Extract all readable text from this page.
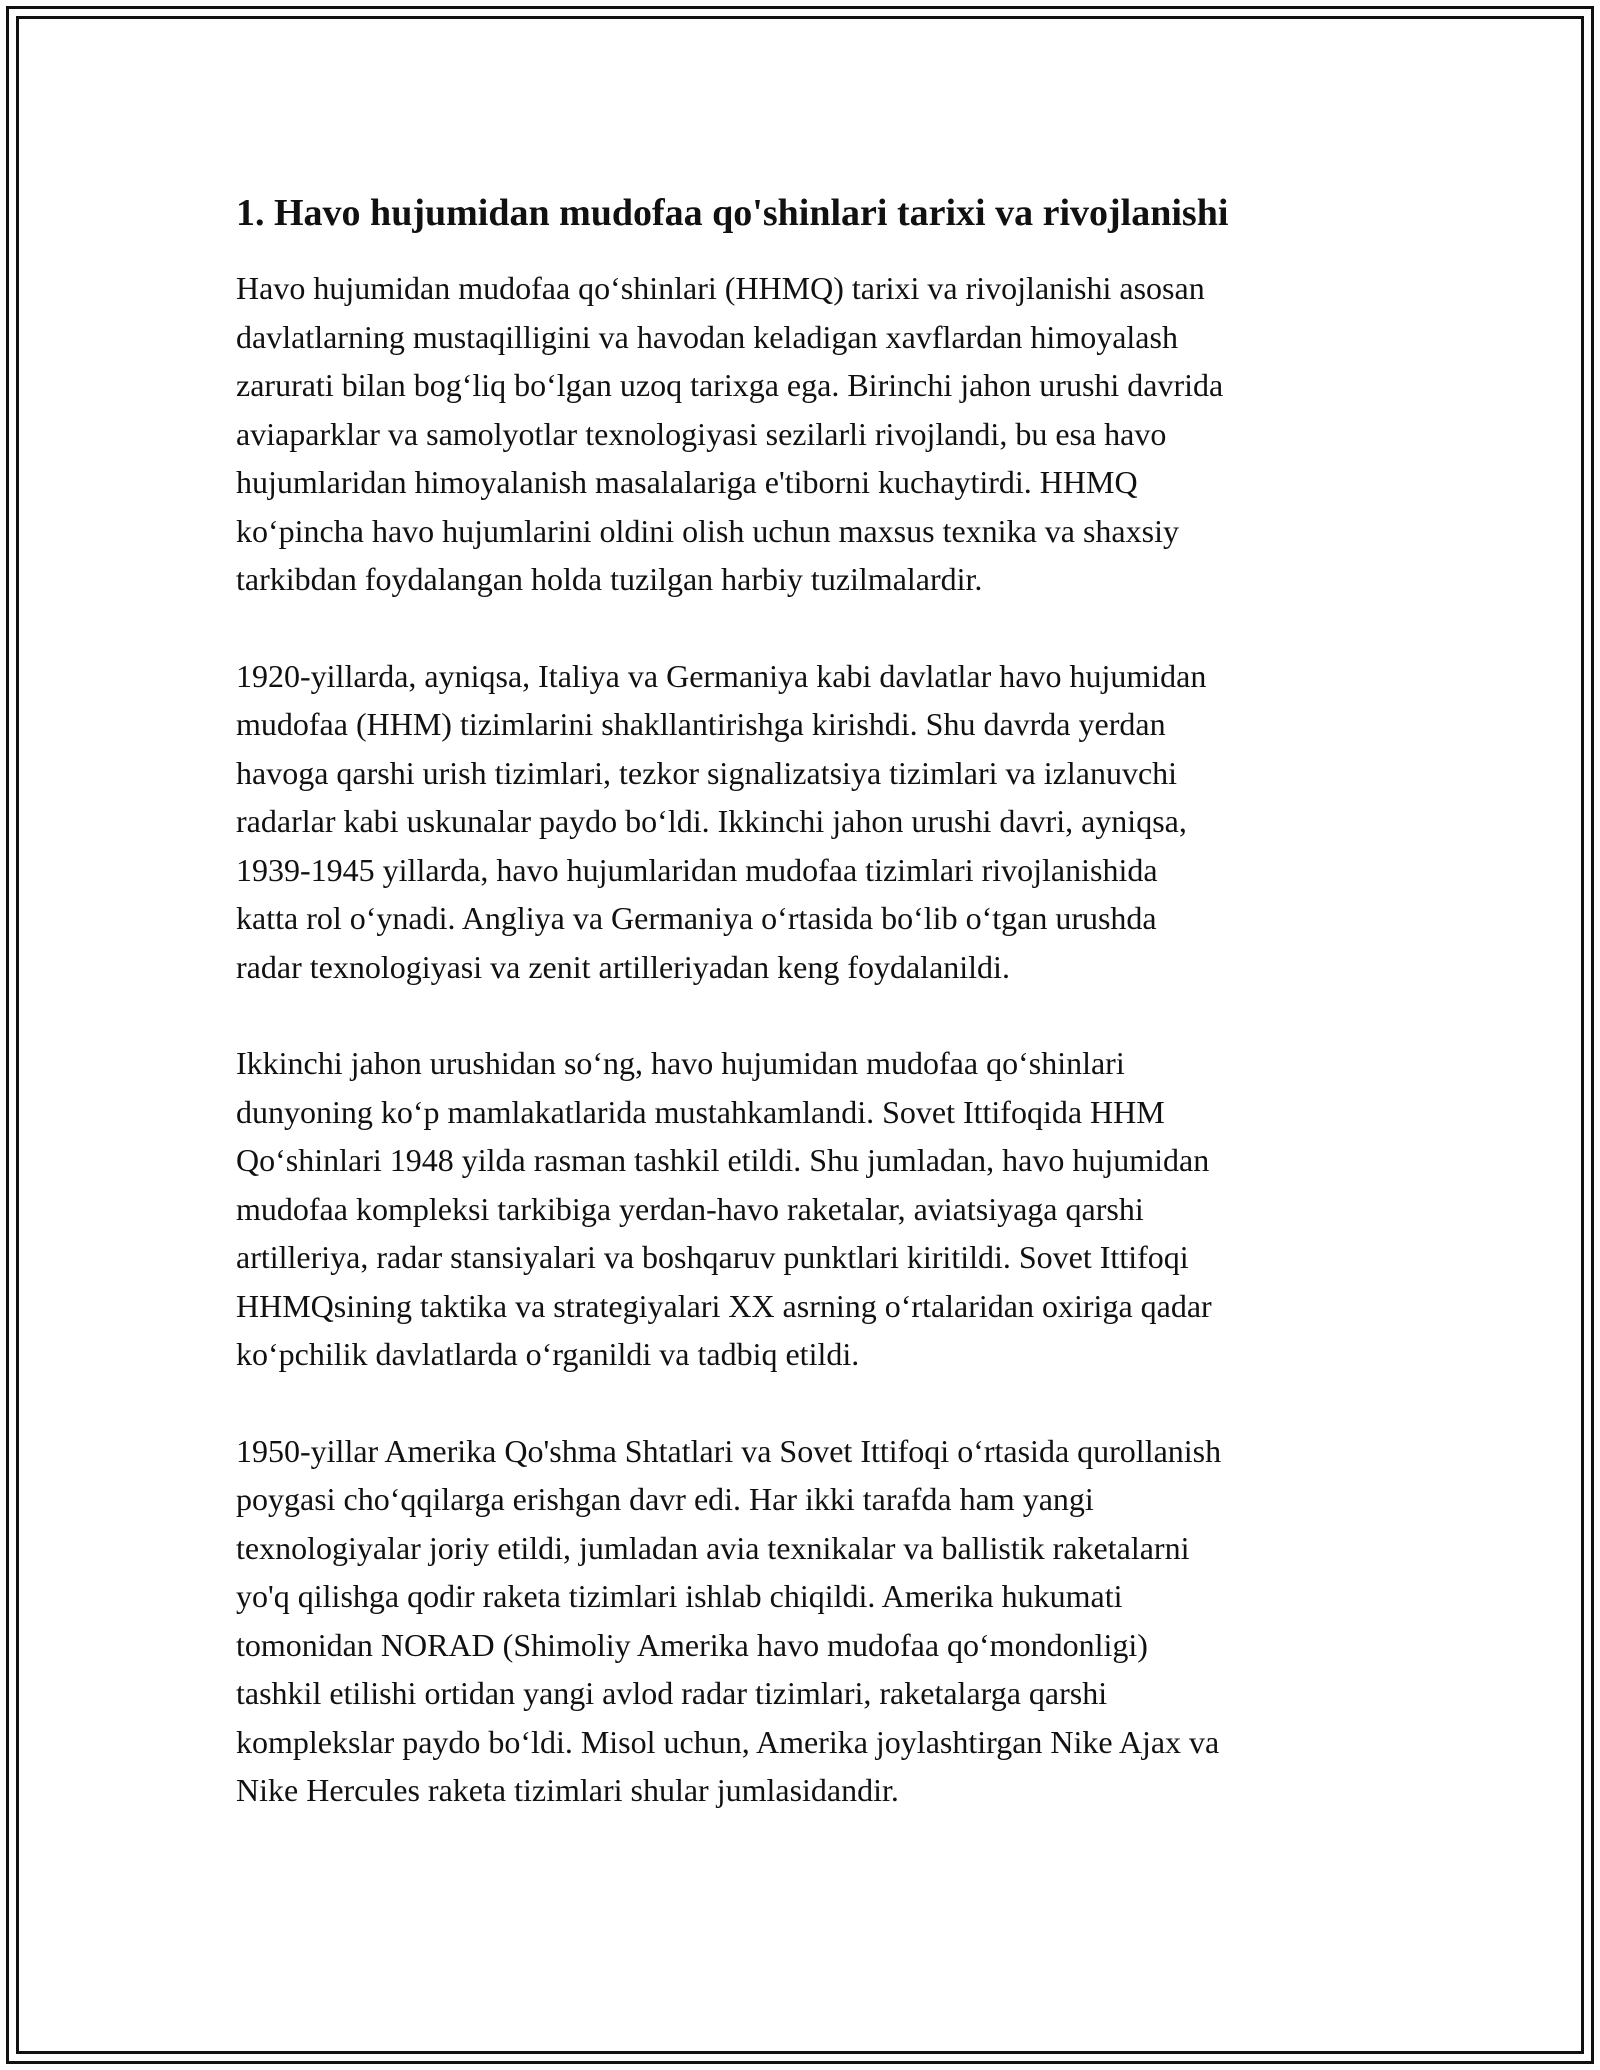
1. Havo hujumidan mudofaa qo'shinlari tarixi va rivojlanishi

Havo hujumidan mudofaa qo‘shinlari (HHMQ) tarixi va rivojlanishi asosan
davlatlarning mustaqilligini va havodan keladigan xavflardan himoyalash
zarurati bilan bog‘liq bo‘lgan uzoq tarixga ega. Birinchi jahon urushi davrida
aviaparklar va samolyotlar texnologiyasi sezilarli rivojlandi, bu esa havo
hujumlaridan himoyalanish masalalariga e'tiborni kuchaytirdi. HHMQ
ko‘pincha havo hujumlarini oldini olish uchun maxsus texnika va shaxsiy
tarkibdan foydalangan holda tuzilgan harbiy tuzilmalardir.

1920-yillarda, ayniqsa, Italiya va Germaniya kabi davlatlar havo hujumidan
mudofaa (HHM) tizimlarini shakllantirishga kirishdi. Shu davrda yerdan
havoga qarshi urish tizimlari, tezkor signalizatsiya tizimlari va izlanuvchi
radarlar kabi uskunalar paydo bo‘ldi. Ikkinchi jahon urushi davri, ayniqsa,
1939-1945 yillarda, havo hujumlaridan mudofaa tizimlari rivojlanishida
katta rol o‘ynadi. Angliya va Germaniya o‘rtasida bo‘lib o‘tgan urushda
radar texnologiyasi va zenit artilleriyadan keng foydalanildi.

Ikkinchi jahon urushidan so‘ng, havo hujumidan mudofaa qo‘shinlari
dunyoning ko‘p mamlakatlarida mustahkamlandi. Sovet Ittifoqida HHM
Qo‘shinlari 1948 yilda rasman tashkil etildi. Shu jumladan, havo hujumidan
mudofaa kompleksi tarkibiga yerdan-havo raketalar, aviatsiyaga qarshi
artilleriya, radar stansiyalari va boshqaruv punktlari kiritildi. Sovet Ittifoqi
HHMQsining taktika va strategiyalari XX asrning o‘rtalaridan oxiriga qadar
ko‘pchilik davlatlarda o‘rganildi va tadbiq etildi.

1950-yillar Amerika Qo'shma Shtatlari va Sovet Ittifoqi o‘rtasida qurollanish
poygasi cho‘qqilarga erishgan davr edi. Har ikki tarafda ham yangi
texnologiyalar joriy etildi, jumladan avia texnikalar va ballistik raketalarni
yo'q qilishga qodir raketa tizimlari ishlab chiqildi. Amerika hukumati
tomonidan NORAD (Shimoliy Amerika havo mudofaa qo‘mondonligi)
tashkil etilishi ortidan yangi avlod radar tizimlari, raketalarga qarshi
komplekslar paydo bo‘ldi. Misol uchun, Amerika joylashtirgan Nike Ajax va
Nike Hercules raketa tizimlari shular jumlasidandir.
